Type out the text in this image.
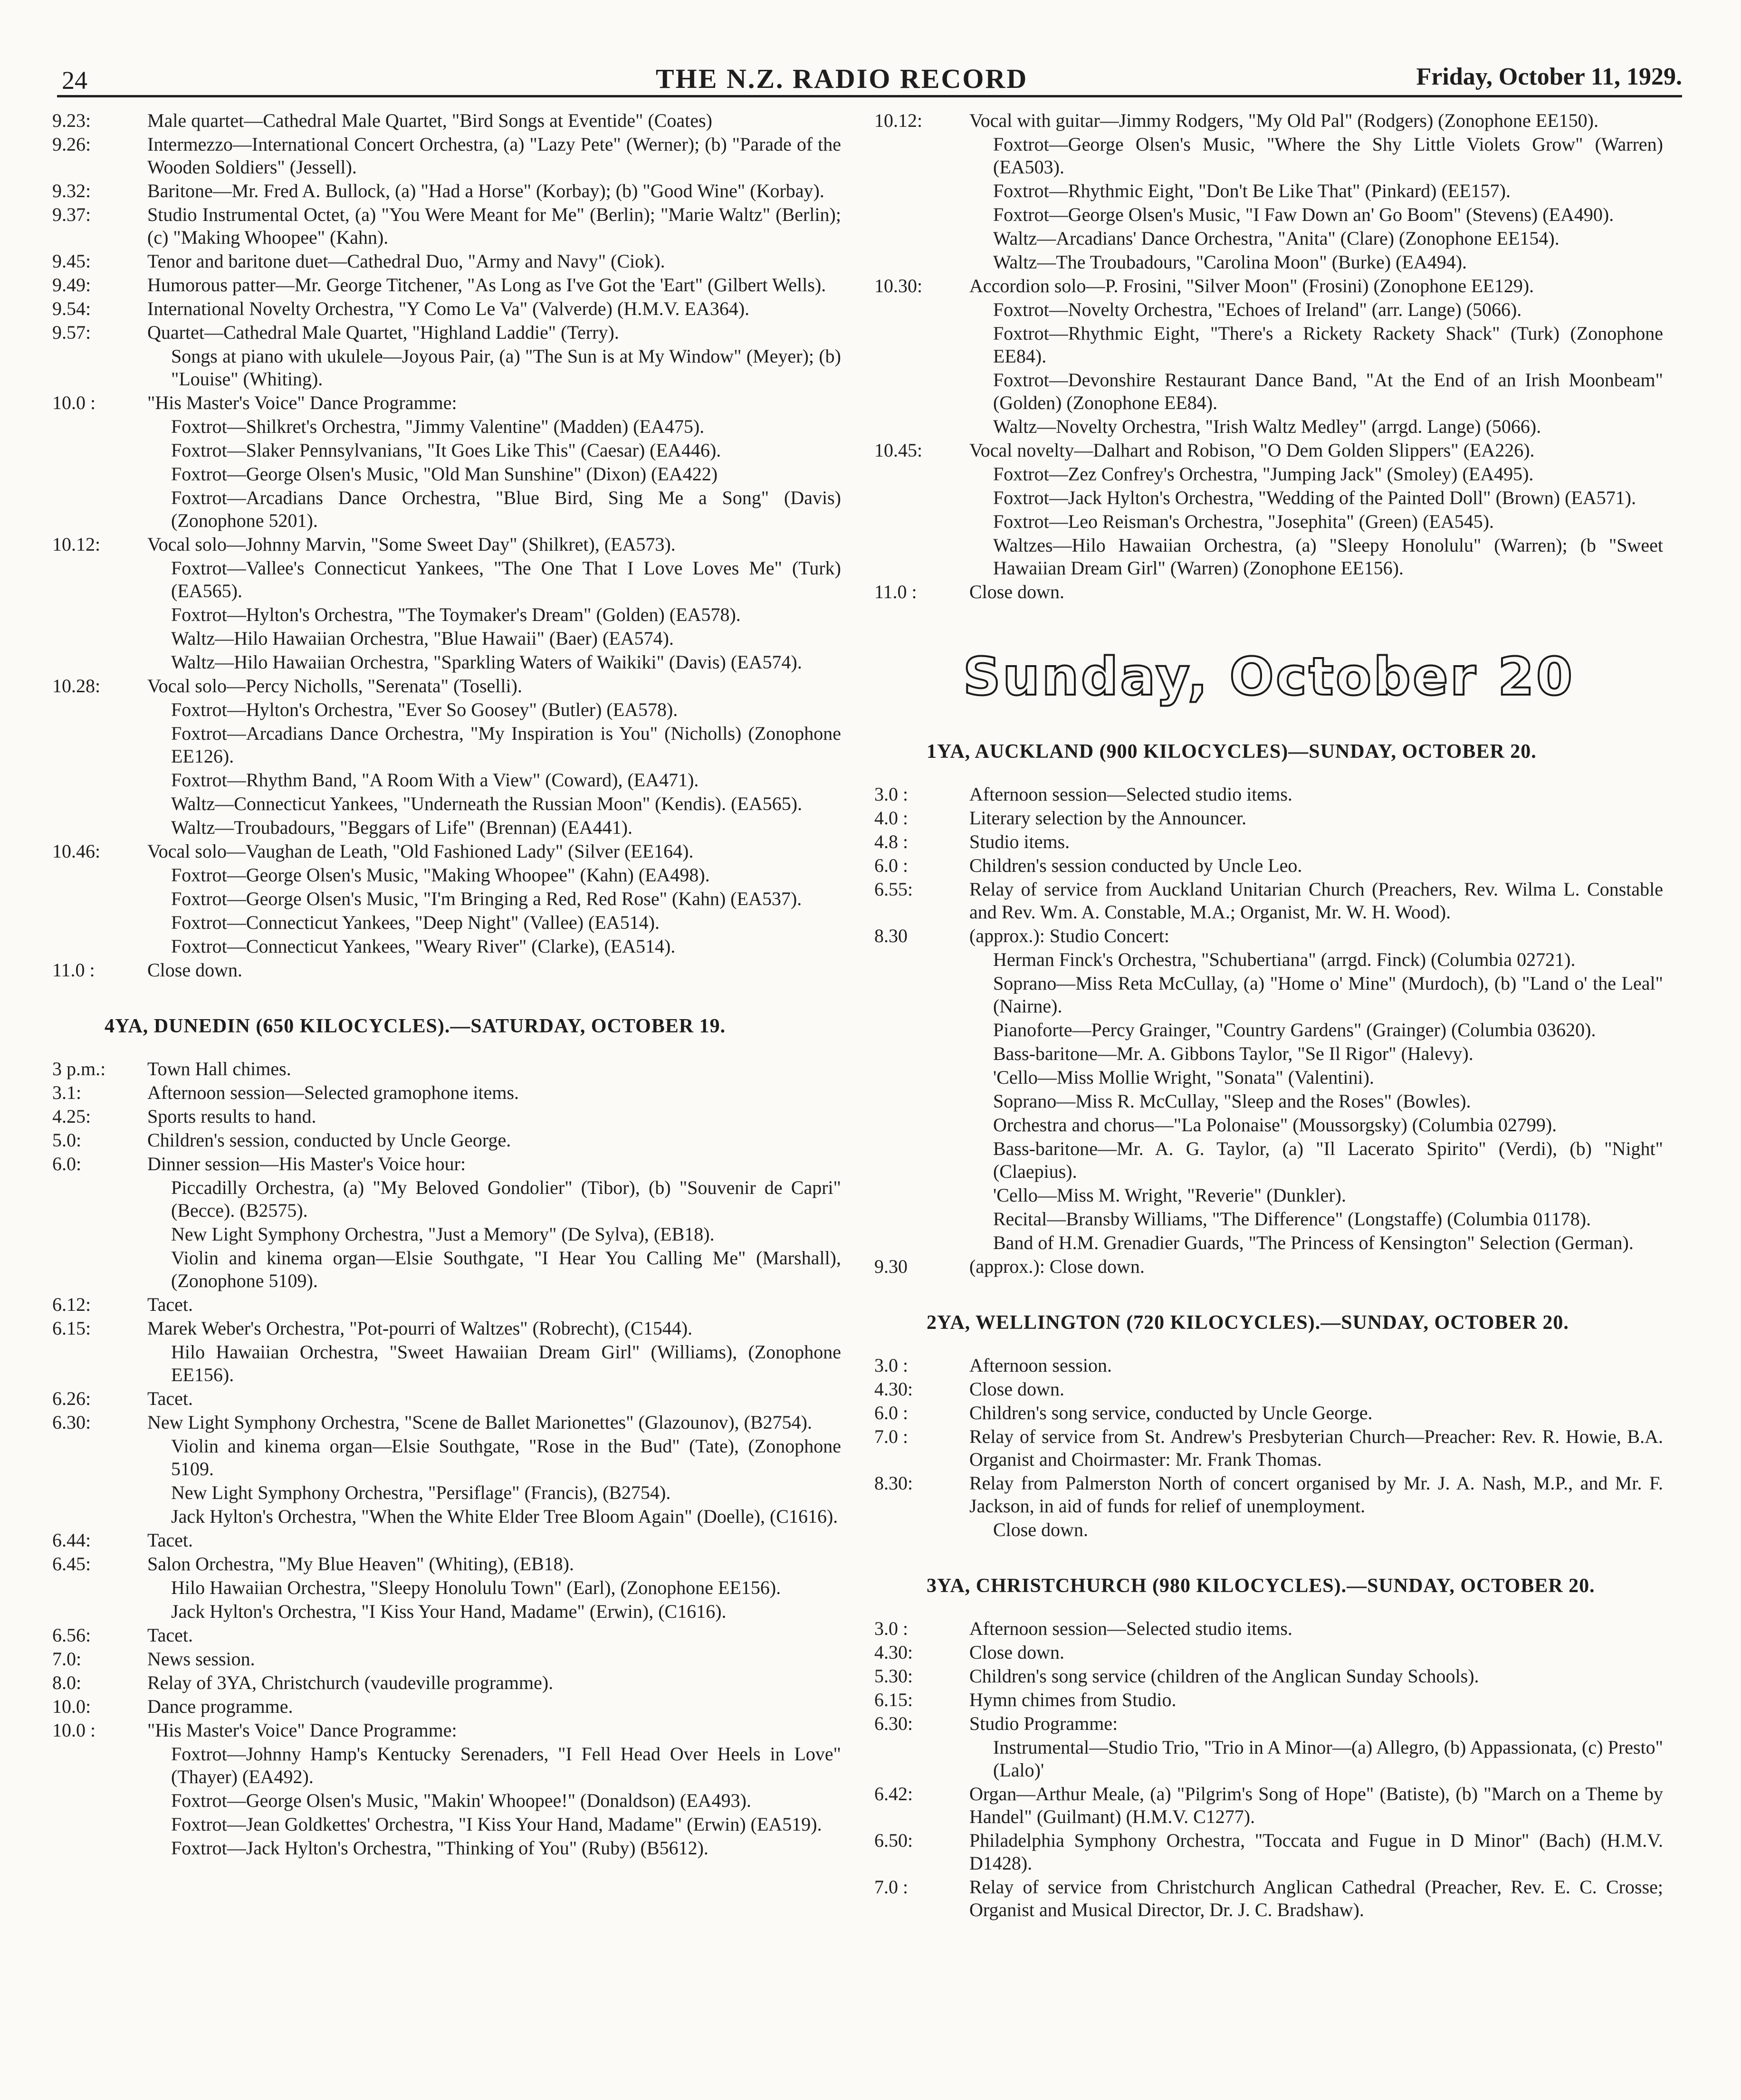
24	THE N.Z. RADIO RECORD	Friday, October 11, 1929.
9.23:	Male quartet—Cathedral Male Quartet, "Bird Songs at Eventide" (Coates)
9.26:	Intermezzo—International Concert Orchestra, (a) "Lazy Pete" (Werner); (b) "Parade of the Wooden Soldiers" (Jessell).
9.32:	Baritone—Mr. Fred A. Bullock, (a) "Had a Horse" (Korbay); (b) "Good Wine" (Korbay).
9.37:	Studio Instrumental Octet, (a) "You Were Meant for Me" (Berlin); "Marie Waltz" (Berlin); (c) "Making Whoopee" (Kahn).
9.45:	Tenor and baritone duet—Cathedral Duo, "Army and Navy" (Ciok).
9.49:	Humorous patter—Mr. George Titchener, "As Long as I've Got the 'Eart" (Gilbert Wells).
9.54:	International Novelty Orchestra, "Y Como Le Va" (Valverde) (H.M.V. EA364).
9.57:	Quartet—Cathedral Male Quartet, "Highland Laddie" (Terry).
Songs at piano with ukulele—Joyous Pair, (a) "The Sun is at My Window" (Meyer); (b) "Louise" (Whiting).
10.0 :	"His Master's Voice" Dance Programme:
Foxtrot—Shilkret's Orchestra, "Jimmy Valentine" (Madden) (EA475).
Foxtrot—Slaker Pennsylvanians, "It Goes Like This" (Caesar) (EA446).
Foxtrot—George Olsen's Music, "Old Man Sunshine" (Dixon) (EA422)
Foxtrot—Arcadians Dance Orchestra, "Blue Bird, Sing Me a Song" (Davis) (Zonophone 5201).
10.12:	Vocal solo—Johnny Marvin, "Some Sweet Day" (Shilkret), (EA573).
Foxtrot—Vallee's Connecticut Yankees, "The One That I Love Loves Me" (Turk) (EA565).
Foxtrot—Hylton's Orchestra, "The Toymaker's Dream" (Golden) (EA578).
Waltz—Hilo Hawaiian Orchestra, "Blue Hawaii" (Baer) (EA574).
Waltz—Hilo Hawaiian Orchestra, "Sparkling Waters of Waikiki" (Davis) (EA574).
10.28:	Vocal solo—Percy Nicholls, "Serenata" (Toselli).
Foxtrot—Hylton's Orchestra, "Ever So Goosey" (Butler) (EA578).
Foxtrot—Arcadians Dance Orchestra, "My Inspiration is You" (Nicholls) (Zonophone EE126).
Foxtrot—Rhythm Band, "A Room With a View" (Coward), (EA471).
Waltz—Connecticut Yankees, "Underneath the Russian Moon" (Kendis). (EA565).
Waltz—Troubadours, "Beggars of Life" (Brennan) (EA441).
10.46:	Vocal solo—Vaughan de Leath, "Old Fashioned Lady" (Silver (EE164).
Foxtrot—George Olsen's Music, "Making Whoopee" (Kahn) (EA498).
Foxtrot—George Olsen's Music, "I'm Bringing a Red, Red Rose" (Kahn) (EA537).
Foxtrot—Connecticut Yankees, "Deep Night" (Vallee) (EA514).
Foxtrot—Connecticut Yankees, "Weary River" (Clarke), (EA514).
11.0 :	Close down.
4YA, DUNEDIN (650 KILOCYCLES).—SATURDAY, OCTOBER 19.
3 p.m.:	Town Hall chimes.
3.1:	Afternoon session—Selected gramophone items.
4.25:	Sports results to hand.
5.0:	Children's session, conducted by Uncle George.
6.0:	Dinner session—His Master's Voice hour:
Piccadilly Orchestra, (a) "My Beloved Gondolier" (Tibor), (b) "Souvenir de Capri" (Becce). (B2575).
New Light Symphony Orchestra, "Just a Memory" (De Sylva), (EB18).
Violin and kinema organ—Elsie Southgate, "I Hear You Calling Me" (Marshall), (Zonophone 5109).
6.12:	Tacet.
6.15:	Marek Weber's Orchestra, "Pot-pourri of Waltzes" (Robrecht), (C1544).
Hilo Hawaiian Orchestra, "Sweet Hawaiian Dream Girl" (Williams), (Zonophone EE156).
6.26:	Tacet.
6.30:	New Light Symphony Orchestra, "Scene de Ballet Marionettes" (Glazounov), (B2754).
Violin and kinema organ—Elsie Southgate, "Rose in the Bud" (Tate), (Zonophone 5109.
New Light Symphony Orchestra, "Persiflage" (Francis), (B2754).
Jack Hylton's Orchestra, "When the White Elder Tree Bloom Again" (Doelle), (C1616).
6.44:	Tacet.
6.45:	Salon Orchestra, "My Blue Heaven" (Whiting), (EB18).
Hilo Hawaiian Orchestra, "Sleepy Honolulu Town" (Earl), (Zonophone EE156).
Jack Hylton's Orchestra, "I Kiss Your Hand, Madame" (Erwin), (C1616).
6.56:	Tacet.
7.0:	News session.
8.0:	Relay of 3YA, Christchurch (vaudeville programme).
10.0:	Dance programme.
10.0 :	"His Master's Voice" Dance Programme:
Foxtrot—Johnny Hamp's Kentucky Serenaders, "I Fell Head Over Heels in Love" (Thayer) (EA492).
Foxtrot—George Olsen's Music, "Makin' Whoopee!" (Donaldson) (EA493).
Foxtrot—Jean Goldkettes' Orchestra, "I Kiss Your Hand, Madame" (Erwin) (EA519).
Foxtrot—Jack Hylton's Orchestra, "Thinking of You" (Ruby) (B5612).
10.12:	Vocal with guitar—Jimmy Rodgers, "My Old Pal" (Rodgers) (Zonophone EE150).
Foxtrot—George Olsen's Music, "Where the Shy Little Violets Grow" (Warren) (EA503).
Foxtrot—Rhythmic Eight, "Don't Be Like That" (Pinkard) (EE157).
Foxtrot—George Olsen's Music, "I Faw Down an' Go Boom" (Stevens) (EA490).
Waltz—Arcadians' Dance Orchestra, "Anita" (Clare) (Zonophone EE154).
Waltz—The Troubadours, "Carolina Moon" (Burke) (EA494).
10.30:	Accordion solo—P. Frosini, "Silver Moon" (Frosini) (Zonophone EE129).
Foxtrot—Novelty Orchestra, "Echoes of Ireland" (arr. Lange) (5066).
Foxtrot—Rhythmic Eight, "There's a Rickety Rackety Shack" (Turk) (Zonophone EE84).
Foxtrot—Devonshire Restaurant Dance Band, "At the End of an Irish Moonbeam" (Golden) (Zonophone EE84).
Waltz—Novelty Orchestra, "Irish Waltz Medley" (arrgd. Lange) (5066).
10.45:	Vocal novelty—Dalhart and Robison, "O Dem Golden Slippers" (EA226).
Foxtrot—Zez Confrey's Orchestra, "Jumping Jack" (Smoley) (EA495).
Foxtrot—Jack Hylton's Orchestra, "Wedding of the Painted Doll" (Brown) (EA571).
Foxtrot—Leo Reisman's Orchestra, "Josephita" (Green) (EA545).
Waltzes—Hilo Hawaiian Orchestra, (a) "Sleepy Honolulu" (Warren); (b "Sweet Hawaiian Dream Girl" (Warren) (Zonophone EE156).
11.0 :	Close down.
Sunday, October 20
1YA, AUCKLAND (900 KILOCYCLES)—SUNDAY, OCTOBER 20.
3.0 :	Afternoon session—Selected studio items.
4.0 :	Literary selection by the Announcer.
4.8 :	Studio items.
6.0 :	Children's session conducted by Uncle Leo.
6.55:	Relay of service from Auckland Unitarian Church (Preachers, Rev. Wilma L. Constable and Rev. Wm. A. Constable, M.A.; Organist, Mr. W. H. Wood).
8.30	(approx.): Studio Concert:
Herman Finck's Orchestra, "Schubertiana" (arrgd. Finck) (Columbia 02721).
Soprano—Miss Reta McCullay, (a) "Home o' Mine" (Murdoch), (b) "Land o' the Leal" (Nairne).
Pianoforte—Percy Grainger, "Country Gardens" (Grainger) (Columbia 03620).
Bass-baritone—Mr. A. Gibbons Taylor, "Se Il Rigor" (Halevy).
'Cello—Miss Mollie Wright, "Sonata" (Valentini).
Soprano—Miss R. McCullay, "Sleep and the Roses" (Bowles).
Orchestra and chorus—"La Polonaise" (Moussorgsky) (Columbia 02799).
Bass-baritone—Mr. A. G. Taylor, (a) "Il Lacerato Spirito" (Verdi), (b) "Night" (Claepius).
'Cello—Miss M. Wright, "Reverie" (Dunkler).
Recital—Bransby Williams, "The Difference" (Longstaffe) (Columbia 01178).
Band of H.M. Grenadier Guards, "The Princess of Kensington" Selection (German).
9.30	(approx.): Close down.
2YA, WELLINGTON (720 KILOCYCLES).—SUNDAY, OCTOBER 20.
3.0 :	Afternoon session.
4.30:	Close down.
6.0 :	Children's song service, conducted by Uncle George.
7.0 :	Relay of service from St. Andrew's Presbyterian Church—Preacher: Rev. R. Howie, B.A. Organist and Choirmaster: Mr. Frank Thomas.
8.30:	Relay from Palmerston North of concert organised by Mr. J. A. Nash, M.P., and Mr. F. Jackson, in aid of funds for relief of unemployment.
Close down.
3YA, CHRISTCHURCH (980 KILOCYCLES).—SUNDAY, OCTOBER 20.
3.0 :	Afternoon session—Selected studio items.
4.30:	Close down.
5.30:	Children's song service (children of the Anglican Sunday Schools).
6.15:	Hymn chimes from Studio.
6.30:	Studio Programme:
Instrumental—Studio Trio, "Trio in A Minor—(a) Allegro, (b) Appassionata, (c) Presto" (Lalo)'
6.42:	Organ—Arthur Meale, (a) "Pilgrim's Song of Hope" (Batiste), (b) "March on a Theme by Handel" (Guilmant) (H.M.V. C1277).
6.50:	Philadelphia Symphony Orchestra, "Toccata and Fugue in D Minor" (Bach) (H.M.V. D1428).
7.0 :	Relay of service from Christchurch Anglican Cathedral (Preacher, Rev. E. C. Crosse; Organist and Musical Director, Dr. J. C. Bradshaw).
